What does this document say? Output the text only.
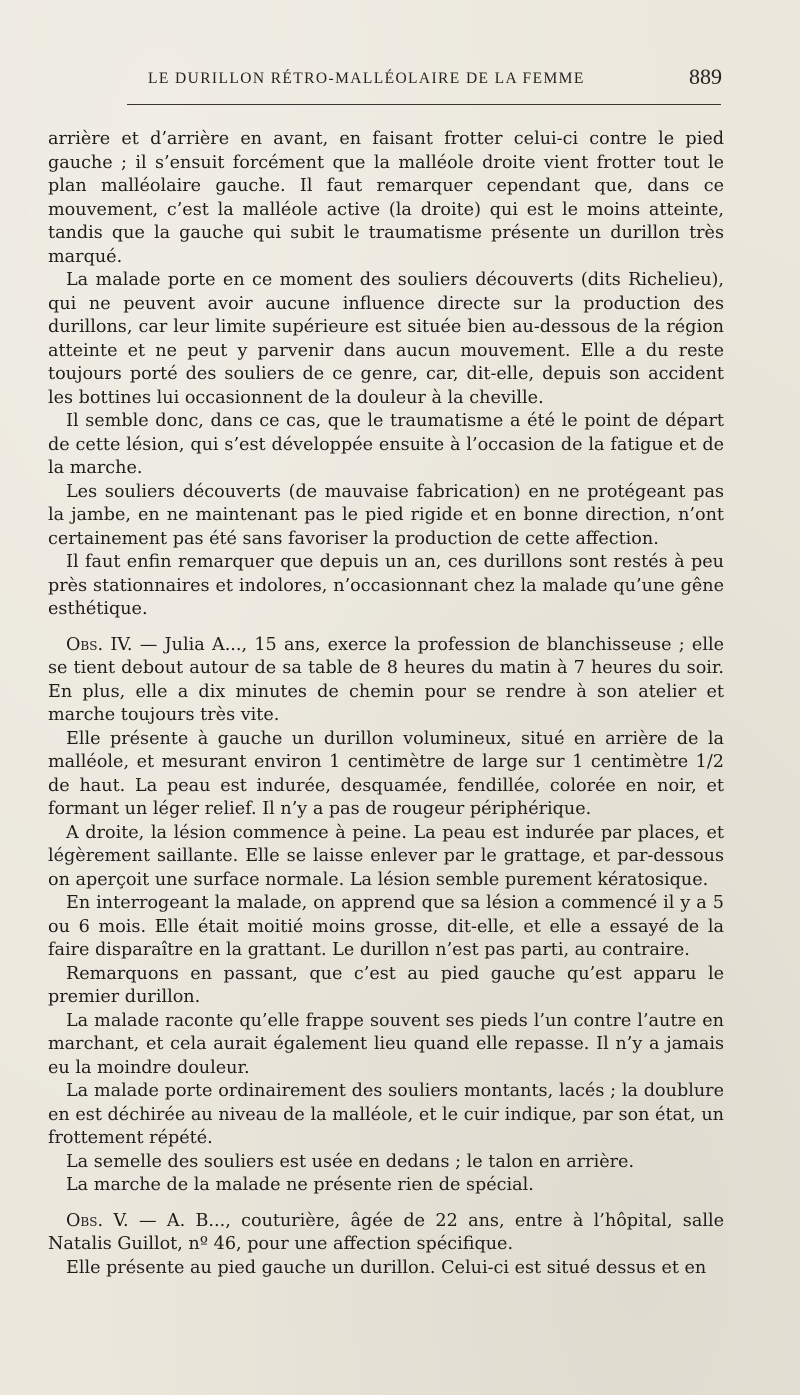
LE DURILLON RÉTRO-MALLÉOLAIRE DE LA FEMME	889

arrière et d’arrière en avant, en faisant frotter celui-ci contre le pied gauche ; il s’ensuit forcément que la malléole droite vient frotter tout le plan malléolaire gauche. Il faut remarquer cependant que, dans ce mouvement, c’est la malléole active (la droite) qui est le moins atteinte, tandis que la gauche qui subit le traumatisme présente un durillon très marqué.

La malade porte en ce moment des souliers découverts (dits Richelieu), qui ne peuvent avoir aucune influence directe sur la production des durillons, car leur limite supérieure est située bien au-dessous de la région atteinte et ne peut y parvenir dans aucun mouvement. Elle a du reste toujours porté des souliers de ce genre, car, dit-elle, depuis son accident les bottines lui occasionnent de la douleur à la cheville.

Il semble donc, dans ce cas, que le traumatisme a été le point de départ de cette lésion, qui s’est développée ensuite à l’occasion de la fatigue et de la marche.

Les souliers découverts (de mauvaise fabrication) en ne protégeant pas la jambe, en ne maintenant pas le pied rigide et en bonne direction, n’ont certainement pas été sans favoriser la production de cette affection.

Il faut enfin remarquer que depuis un an, ces durillons sont restés à peu près stationnaires et indolores, n’occasionnant chez la malade qu’une gêne esthétique.

Obs. IV. — Julia A..., 15 ans, exerce la profession de blanchisseuse ; elle se tient debout autour de sa table de 8 heures du matin à 7 heures du soir. En plus, elle a dix minutes de chemin pour se rendre à son atelier et marche toujours très vite.

Elle présente à gauche un durillon volumineux, situé en arrière de la malléole, et mesurant environ 1 centimètre de large sur 1 centimètre 1/2 de haut. La peau est indurée, desquamée, fendillée, colorée en noir, et formant un léger relief. Il n’y a pas de rougeur périphérique.

A droite, la lésion commence à peine. La peau est indurée par places, et légèrement saillante. Elle se laisse enlever par le grattage, et par-dessous on aperçoit une surface normale. La lésion semble purement kératosique.

En interrogeant la malade, on apprend que sa lésion a commencé il y a 5 ou 6 mois. Elle était moitié moins grosse, dit-elle, et elle a essayé de la faire disparaître en la grattant. Le durillon n’est pas parti, au contraire.

Remarquons en passant, que c’est au pied gauche qu’est apparu le premier durillon.

La malade raconte qu’elle frappe souvent ses pieds l’un contre l’autre en marchant, et cela aurait également lieu quand elle repasse. Il n’y a jamais eu la moindre douleur.

La malade porte ordinairement des souliers montants, lacés ; la doublure en est déchirée au niveau de la malléole, et le cuir indique, par son état, un frottement répété.

La semelle des souliers est usée en dedans ; le talon en arrière.

La marche de la malade ne présente rien de spécial.

Obs. V. — A. B..., couturière, âgée de 22 ans, entre à l’hôpital, salle Natalis Guillot, nº 46, pour une affection spécifique.

Elle présente au pied gauche un durillon. Celui-ci est situé dessus et en
